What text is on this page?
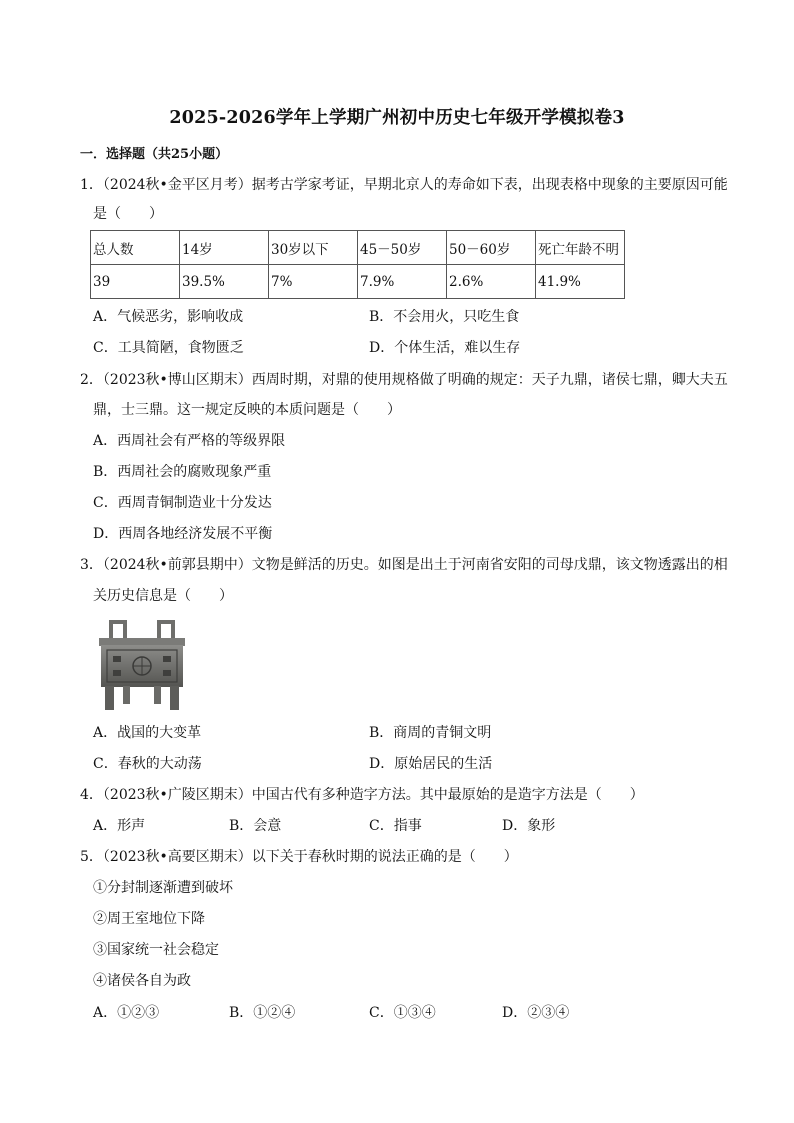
2025-2026学年上学期广州初中历史七年级开学模拟卷3
一．选择题（共25小题）
1．（2024秋•金平区月考）据考古学家考证，早期北京人的寿命如下表，出现表格中现象的主要原因可能
是（　　）
总人数	14岁	30岁以下	45－50岁	50－60岁	死亡年龄不明
39	39.5%	7%	7.9%	2.6%	41.9%
A．气候恶劣，影响收成	B．不会用火，只吃生食
C．工具简陋，食物匮乏	D．个体生活，难以生存
2．（2023秋•博山区期末）西周时期，对鼎的使用规格做了明确的规定：天子九鼎，诸侯七鼎，卿大夫五
鼎，士三鼎。这一规定反映的本质问题是（　　）
A．西周社会有严格的等级界限
B．西周社会的腐败现象严重
C．西周青铜制造业十分发达
D．西周各地经济发展不平衡
3．（2024秋•前郭县期中）文物是鲜活的历史。如图是出土于河南省安阳的司母戊鼎，该文物透露出的相
关历史信息是（　　）
A．战国的大变革	B．商周的青铜文明
C．春秋的大动荡	D．原始居民的生活
4．（2023秋•广陵区期末）中国古代有多种造字方法。其中最原始的是造字方法是（　　）
A．形声	B．会意	C．指事	D．象形
5．（2023秋•高要区期末）以下关于春秋时期的说法正确的是（　　）
①分封制逐渐遭到破坏
②周王室地位下降
③国家统一社会稳定
④诸侯各自为政
A．①②③	B．①②④	C．①③④	D．②③④
